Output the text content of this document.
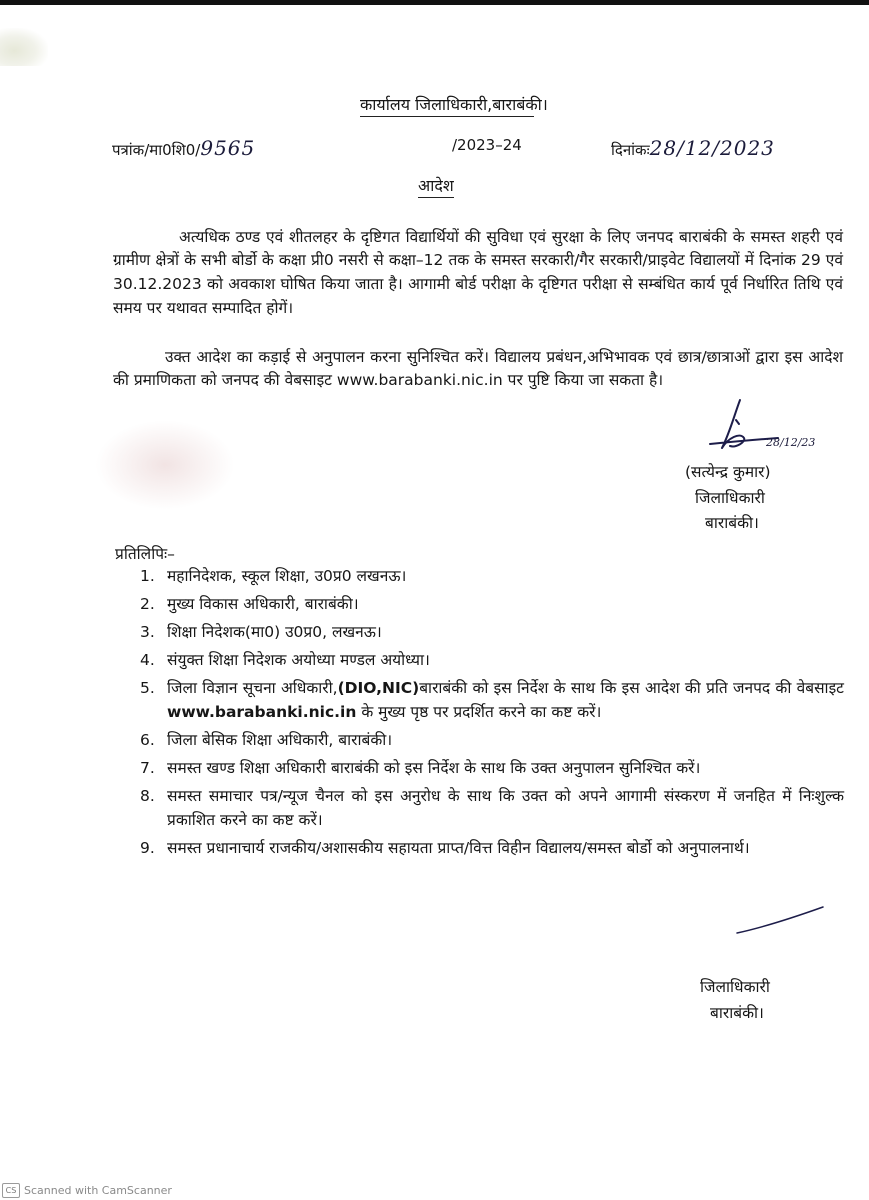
कार्यालय जिलाधिकारी,बाराबंकी।
पत्रांक/मा0शि0/9565	/2023–24	दिनांकः28/12/2023
आदेश

अत्यधिक ठण्ड एवं शीतलहर के दृष्टिगत विद्यार्थियों की सुविधा एवं सुरक्षा के लिए जनपद बाराबंकी के समस्त शहरी एवं ग्रामीण क्षेत्रों के सभी बोर्डो के कक्षा प्री0 नसरी से कक्षा–12 तक के समस्त सरकारी/गैर सरकारी/प्राइवेट विद्यालयों में दिनांक 29 एवं 30.12.2023 को अवकाश घोषित किया जाता है। आगामी बोर्ड परीक्षा के दृष्टिगत परीक्षा से सम्बंधित कार्य पूर्व निर्धारित तिथि एवं समय पर यथावत सम्पादित होगें।

उक्त आदेश का कड़ाई से अनुपालन करना सुनिश्चित करें। विद्यालय प्रबंधन,अभिभावक एवं छात्र/छात्राओं द्वारा इस आदेश की प्रमाणिकता को जनपद की वेबसाइट www.barabanki.nic.in पर पुष्टि किया जा सकता है।

28/12/23
(सत्येन्द्र कुमार)
जिलाधिकारी
बाराबंकी।
प्रतिलिपिः–
1. महानिदेशक, स्कूल शिक्षा, उ0प्र0 लखनऊ।
2. मुख्य विकास अधिकारी, बाराबंकी।
3. शिक्षा निदेशक(मा0) उ0प्र0, लखनऊ।
4. संयुक्त शिक्षा निदेशक अयोध्या मण्डल अयोध्या।
5. जिला विज्ञान सूचना अधिकारी,(DIO,NIC)बाराबंकी को इस निर्देश के साथ कि इस आदेश की प्रति जनपद की वेबसाइट www.barabanki.nic.in के मुख्य पृष्ठ पर प्रदर्शित करने का कष्ट करें।
6. जिला बेसिक शिक्षा अधिकारी, बाराबंकी।
7. समस्त खण्ड शिक्षा अधिकारी बाराबंकी को इस निर्देश के साथ कि उक्त अनुपालन सुनिश्चित करें।
8. समस्त समाचार पत्र/न्यूज चैनल को इस अनुरोध के साथ कि उक्त को अपने आगामी संस्करण में जनहित में निःशुल्क प्रकाशित करने का कष्ट करें।
9. समस्त प्रधानाचार्य राजकीय/अशासकीय सहायता प्राप्त/वित्त विहीन विद्यालय/समस्त बोर्डो को अनुपालनार्थ।
जिलाधिकारी
बाराबंकी।
CS Scanned with CamScanner
